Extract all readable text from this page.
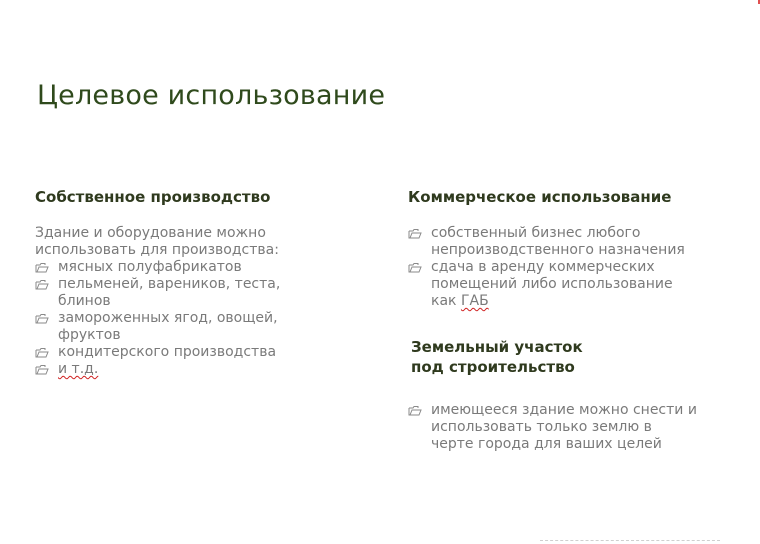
Целевое использование
Собственное производство
Здание и оборудование можно использовать для производства:
мясных полуфабрикатов
пельменей, вареников, теста, блинов
замороженных ягод, овощей, фруктов
кондитерского производства
и т.д.
Коммерческое использование
собственный бизнес любого непроизводственного назначения
сдача в аренду коммерческих помещений либо использование как ГАБ
Земельный участок
под строительство
имеющееся здание можно снести и использовать только землю в черте города для ваших целей
